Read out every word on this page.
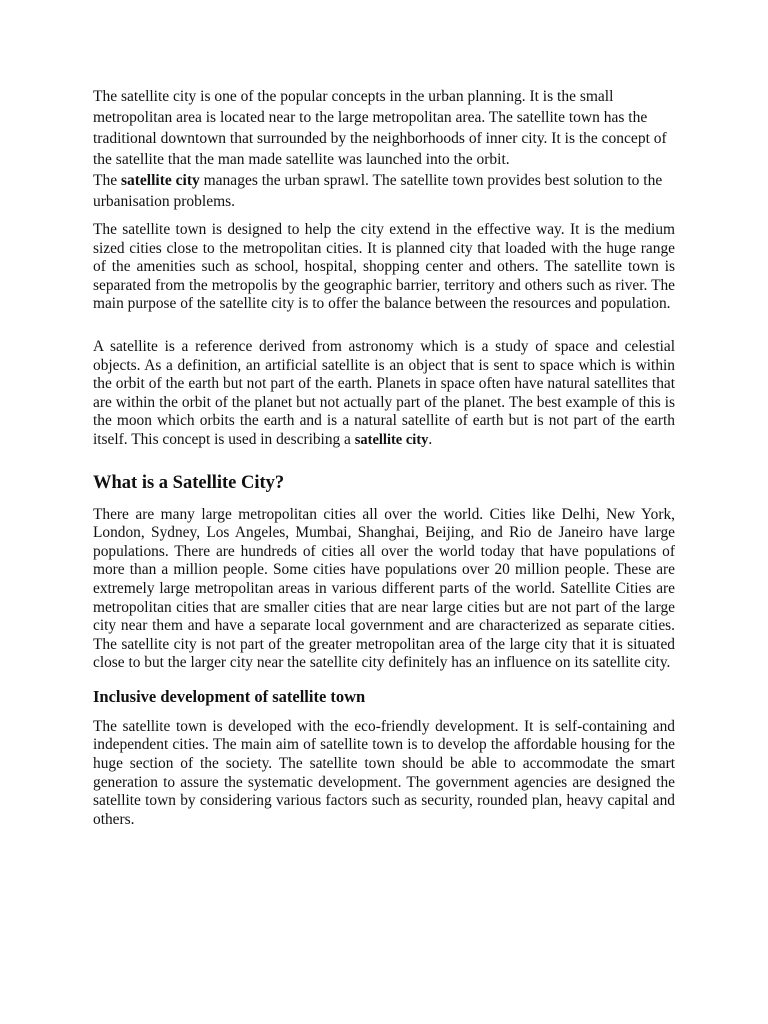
The satellite city is one of the popular concepts in the urban planning. It is the small metropolitan area is located near to the large metropolitan area. The satellite town has the traditional downtown that surrounded by the neighborhoods of inner city. It is the concept of the satellite that the man made satellite was launched into the orbit.

The satellite city manages the urban sprawl. The satellite town provides best solution to the urbanisation problems.

The satellite town is designed to help the city extend in the effective way. It is the medium sized cities close to the metropolitan cities. It is planned city that loaded with the huge range of the amenities such as school, hospital, shopping center and others. The satellite town is separated from the metropolis by the geographic barrier, territory and others such as river. The main purpose of the satellite city is to offer the balance between the resources and population.

A satellite is a reference derived from astronomy which is a study of space and celestial objects. As a definition, an artificial satellite is an object that is sent to space which is within the orbit of the earth but not part of the earth. Planets in space often have natural satellites that are within the orbit of the planet but not actually part of the planet. The best example of this is the moon which orbits the earth and is a natural satellite of earth but is not part of the earth itself. This concept is used in describing a satellite city.

What is a Satellite City?

There are many large metropolitan cities all over the world. Cities like Delhi, New York, London, Sydney, Los Angeles, Mumbai, Shanghai, Beijing, and Rio de Janeiro have large populations. There are hundreds of cities all over the world today that have populations of more than a million people. Some cities have populations over 20 million people. These are extremely large metropolitan areas in various different parts of the world. Satellite Cities are metropolitan cities that are smaller cities that are near large cities but are not part of the large city near them and have a separate local government and are characterized as separate cities. The satellite city is not part of the greater metropolitan area of the large city that it is situated close to but the larger city near the satellite city definitely has an influence on its satellite city.

Inclusive development of satellite town

The satellite town is developed with the eco-friendly development. It is self-containing and independent cities. The main aim of satellite town is to develop the affordable housing for the huge section of the society. The satellite town should be able to accommodate the smart generation to assure the systematic development. The government agencies are designed the satellite town by considering various factors such as security, rounded plan, heavy capital and others.
